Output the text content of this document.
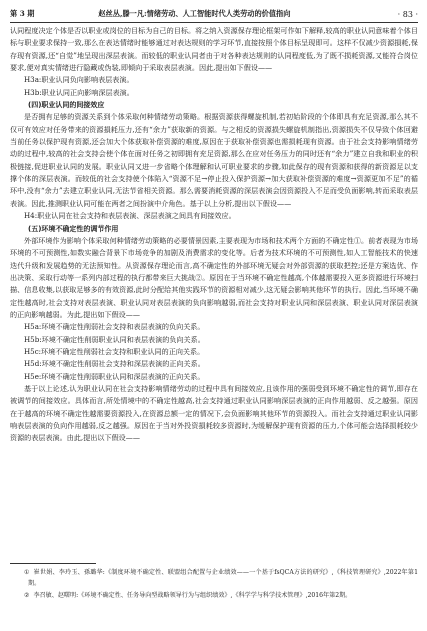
第 3 期	赵丝丛,滕一凡:情绪劳动、人工智能时代人类劳动的价值指向	· 83 ·

认同程度决定个体是否以职业或岗位的目标为自己的目标。将之纳入资源保存理论框架可作如下解释,较高的职业认同意味着个体目标与职业要求保持一致,那么在表达情绪时能够通过对表达规则的学习环节,直接按照个体目标呈现即可。这样不仅减少资源損耗,保存现有资源,还“自觉”地呈现出深层表演。而较低的职业认同者由于对各种表达规则的认同程度低,为了既不损耗资源,又能符合岗位要求,便对真实情绪进行隐藏或伪装,即倾向于采取表层表演。因此,提出如下假设——

H3a:职业认同负向影响表层表演。

H3b:职业认同正向影响深层表演。

(四)职业认同的间接效应

是否拥有足够的资源关系到个体采取何种情绪劳动策略。根据资源获得螺旋机制,若初始阶段的个体即具有充足资源,那么其不仅可有效应对任务带来的资源損耗压力,还有“余力”获取新的资源。与之相反的资源损失螺旋机制指出,资源损失不仅导致个体回避当前任务以保护现有资源,还会加大个体获取补偿资源的难度,原因在于获取补偿资源也需损耗现有资源。由于社会支持影响情绪劳动的过程中,较高的社会支持会使个体在面对任务之初即拥有充足资源,那么在应对任务压力的同时还有“余力”建立自我和职业的积极链接,促进职业认同的发展。职业认同又进一步省略个体理解和认可职业要求的步骤,如此保存的现有资源和获得的新资源足以支撑个体的深层表演。而较低的社会支持使个体陷入“资源不足→停止投入保护资源→加大获取补偿资源的难度→资源更加不足”的循环中,没有“余力”去建立职业认同,无法节省相关资源。那么需要消耗资源的深层表演会因资源投入不足而受负面影响,转而采取表层表演。因此,推测职业认同可能在两者之间扮演中介角色。基于以上分析,提出以下假设——

H4:职业认同在社会支持和表层表演、深层表演之间具有间接效应。

(五)环境不确定性的调节作用

外部环境作为影响个体采取何种情绪劳动策略的必要情景因素,主要表现为市场和技术两个方面的不确定性①。前者表现为市场环境的不可预测性,如数实融合背景下市场竞争的加剧及消费需求的变化等。后者为技术环境的不可预测性,如人工智能技术的快速迭代升级和发展趋势的无法预知性。从资源保存理论而言,高不确定性的外部环境无疑会对外部资源的获取把控;还是方案选优、作出决策、采取行动等一系列内部过程的执行都带来巨大挑战②。原因在于当环境不确定性越高,个体越需要投入更多资源进行环境扫描、信息收集,以获取足够多的有效资源,此时分配给其他实践环节的资源相对减少,这无疑会影响其他环节的执行。因此,当环境不确定性越高时,社会支持对表层表演、职业认同对表层表演的负向影响越弱,而社会支持对职业认同和深层表演、职业认同对深层表演的正向影响越弱。为此,提出如下假设——

H5a:环境不确定性削弱社会支持和表层表演的负向关系。

H5b:环境不确定性削弱职业认同和表层表演的负向关系。

H5c:环境不确定性削弱社会支持和职业认同的正向关系。

H5d:环境不确定性削弱社会支持和深层表演的正向关系。

H5e:环境不确定性削弱职业认同和深层表演的正向关系。

基于以上论述,认为职业认同在社会支持影响情绪劳动的过程中具有间接效应,且该作用的强弱受到环境不确定性的调节,即存在被调节的间接效应。具体而言,所处情境中的不确定性越高,社会支持通过职业认同影响深层表演的正向作用越弱、反之越强。原因在于越高的环境不确定性越需要资源投入,在资源总额一定的情况下,会负面影响其他环节的资源投入。而社会支持通过职业认同影响表层表演的负向作用越弱,反之越强。原因在于当对外投资損耗较多资源时,为缓解保护现有资源的压力,个体可能会选择损耗较少资源的表层表演。由此,提出以下假设——

① 崔世娟、李玲玉、孫璐华:《制度环境不确定性、联盟组合配置与企业绩效——一个基于fsQCA方法的研究》,《科技管理研究》,2022年第1期。

② 李召敏、赵曙明:《环境不确定性、任务导向型战略领导行为与组织绩效》,《科学学与科学技术管理》,2016年第2期。
